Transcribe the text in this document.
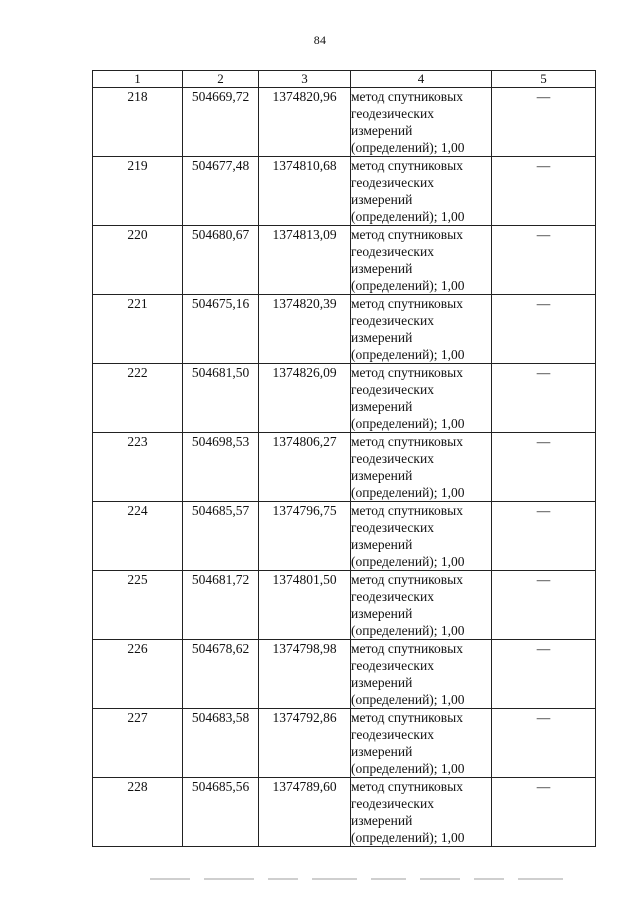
84
1	2	3	4	5
218	504669,72	1374820,96	метод спутниковых
геодезических
измерений
(определений); 1,00	—
219	504677,48	1374810,68	метод спутниковых
геодезических
измерений
(определений); 1,00	—
220	504680,67	1374813,09	метод спутниковых
геодезических
измерений
(определений); 1,00	—
221	504675,16	1374820,39	метод спутниковых
геодезических
измерений
(определений); 1,00	—
222	504681,50	1374826,09	метод спутниковых
геодезических
измерений
(определений); 1,00	—
223	504698,53	1374806,27	метод спутниковых
геодезических
измерений
(определений); 1,00	—
224	504685,57	1374796,75	метод спутниковых
геодезических
измерений
(определений); 1,00	—
225	504681,72	1374801,50	метод спутниковых
геодезических
измерений
(определений); 1,00	—
226	504678,62	1374798,98	метод спутниковых
геодезических
измерений
(определений); 1,00	—
227	504683,58	1374792,86	метод спутниковых
геодезических
измерений
(определений); 1,00	—
228	504685,56	1374789,60	метод спутниковых
геодезических
измерений
(определений); 1,00	—
